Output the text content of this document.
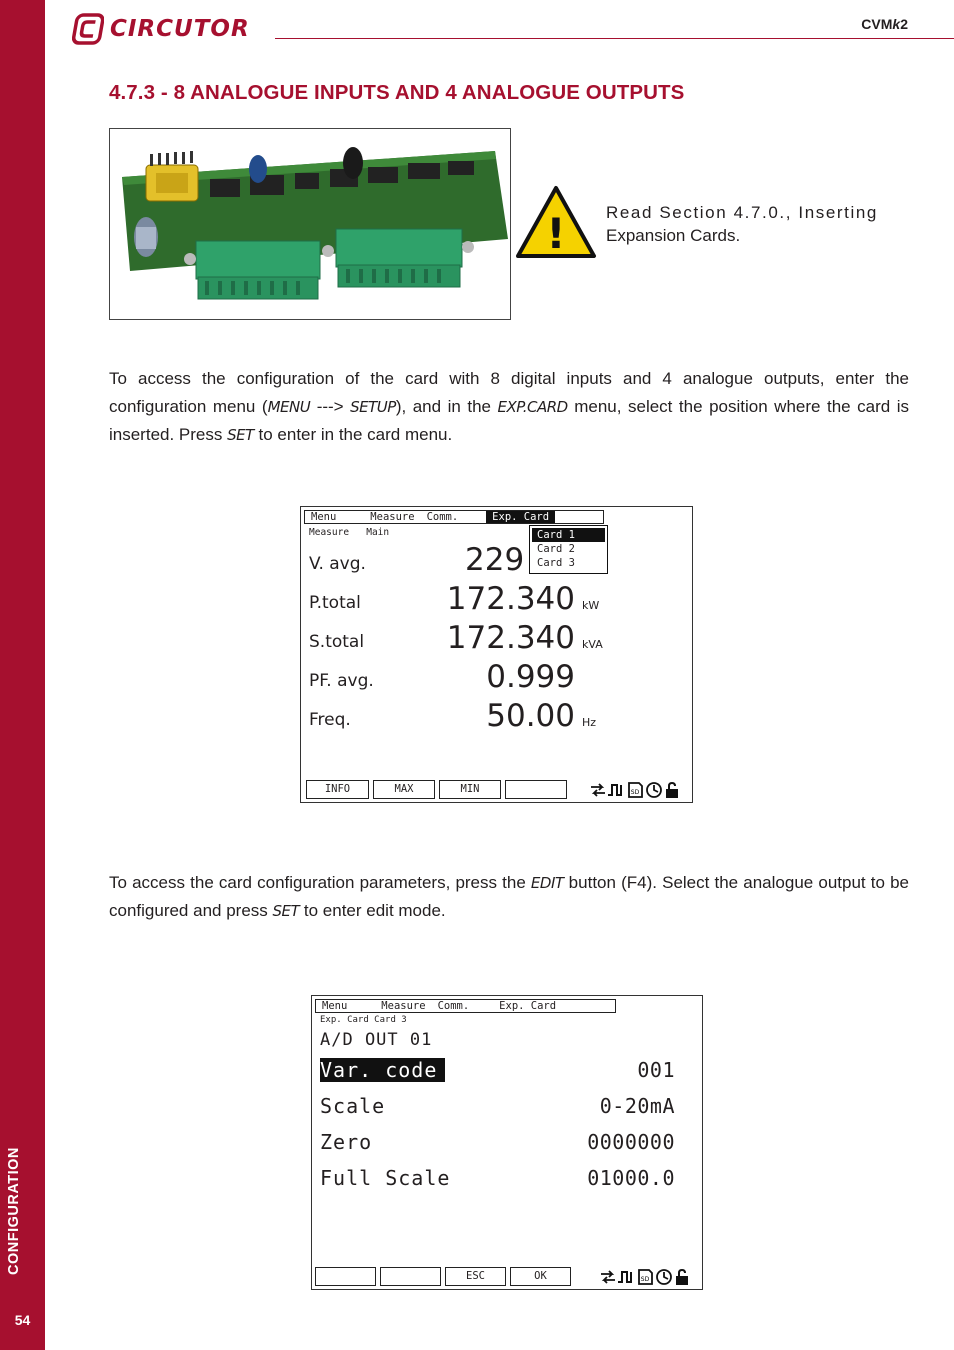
CONFIGURATION
54
CIRCUTOR	CVMk2
4.7.3 - 8 ANALOGUE INPUTS AND 4 ANALOGUE OUTPUTS
! Read Section 4.7.0., Inserting
Expansion Cards.

To access the configuration of the card with 8 digital inputs and 4 analogue outputs, enter the configuration menu (MENU ---> SETUP), and in the EXP.CARD menu, select the position where the card is inserted. Press SET to enter in the card menu.

Menu	Measure	Comm.	Exp. Card
Measure Main
V. avg.	229
P.total	172.340 kW
S.total	172.340 kVA
PF. avg.	0.999
Freq.	50.00 Hz
Card 1
Card 2
Card 3
INFO	MAX	MIN	SD

To access the card configuration parameters, press the EDIT button (F4). Select the analogue output to be configured and press SET to enter edit mode.

Menu	Measure	Comm.	Exp. Card
Exp. Card Card 3
A/D OUT 01
Var. code	001
Scale	0-20mA
Zero	0000000
Full Scale	01000.0
ESC	OK	SD
